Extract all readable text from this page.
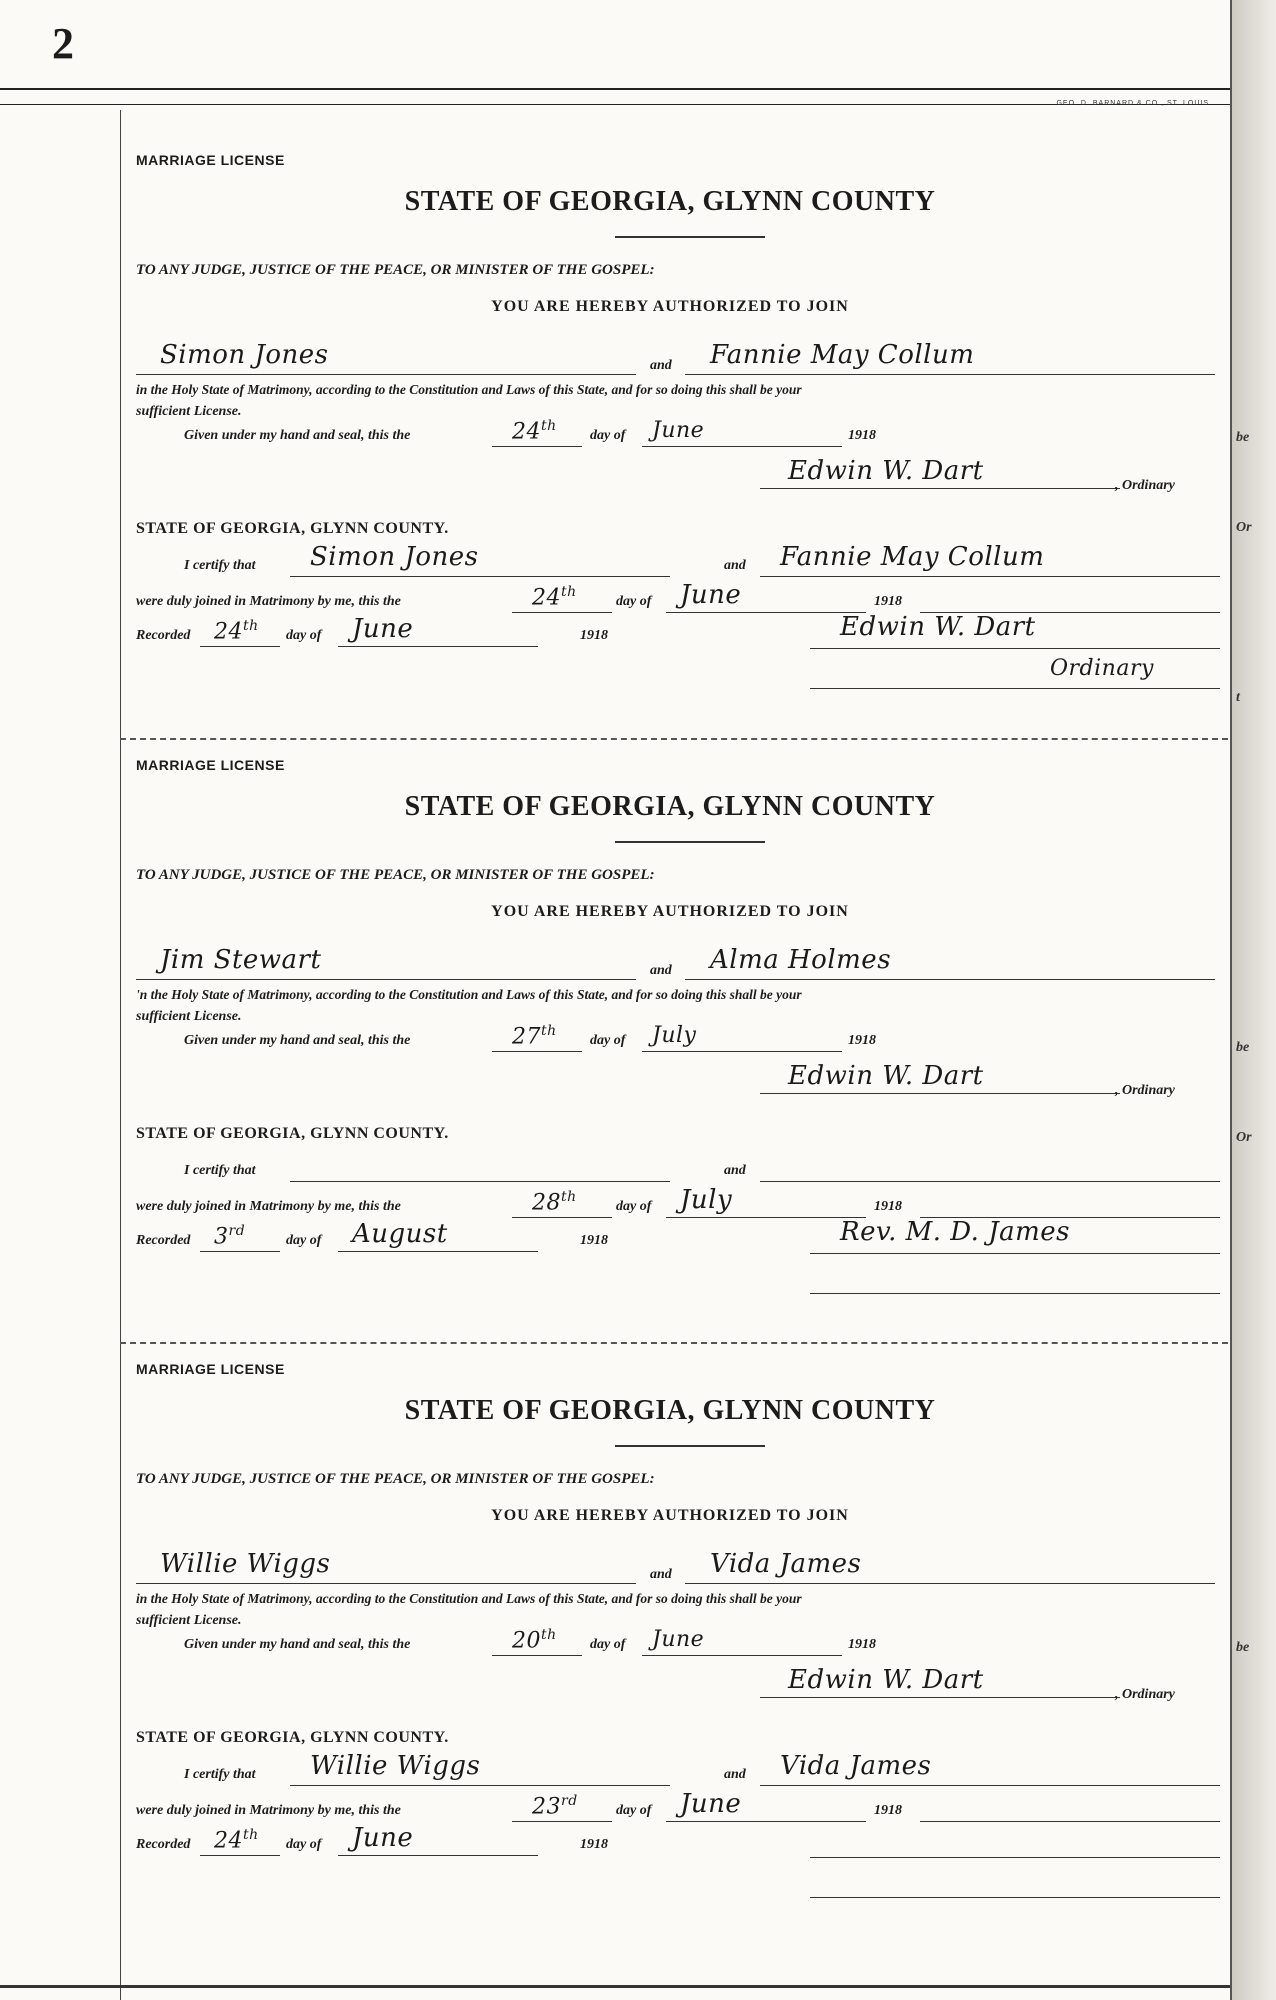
2
GEO. D. BARNARD & CO., ST. LOUIS.
MARRIAGE LICENSE
STATE OF GEORGIA, GLYNN COUNTY
TO ANY JUDGE, JUSTICE OF THE PEACE, OR MINISTER OF THE GOSPEL:
YOU ARE HEREBY AUTHORIZED TO JOIN
Simon Jones	and Fannie May Collum
in the Holy State of Matrimony, according to the Constitution and Laws of this State, and for so doing this shall be your
sufficient License.
Given under my hand and seal, this the	24th
day of June	1918
Edwin W. Dart	, Ordinary
STATE OF GEORGIA, GLYNN COUNTY.
I certify that Simon Jones	and Fannie May Collum
were duly joined in Matrimony by me, this the	24th
day of June	1918
Recorded 24th
day of June	1918	Edwin W. Dart
Ordinary
MARRIAGE LICENSE
STATE OF GEORGIA, GLYNN COUNTY
TO ANY JUDGE, JUSTICE OF THE PEACE, OR MINISTER OF THE GOSPEL:
YOU ARE HEREBY AUTHORIZED TO JOIN
Jim Stewart	and Alma Holmes
'n the Holy State of Matrimony, according to the Constitution and Laws of this State, and for so doing this shall be your
sufficient License.
Given under my hand and seal, this the	27th
day of July	1918
Edwin W. Dart	, Ordinary
STATE OF GEORGIA, GLYNN COUNTY.
I certify that	and
were duly joined in Matrimony by me, this the	28th
day of July	1918
Recorded 3rd
day of August	1918	Rev. M. D. James
MARRIAGE LICENSE
STATE OF GEORGIA, GLYNN COUNTY
TO ANY JUDGE, JUSTICE OF THE PEACE, OR MINISTER OF THE GOSPEL:
YOU ARE HEREBY AUTHORIZED TO JOIN
Willie Wiggs	and Vida James
in the Holy State of Matrimony, according to the Constitution and Laws of this State, and for so doing this shall be your
sufficient License.
Given under my hand and seal, this the	20th
day of June	1918
Edwin W. Dart	, Ordinary
STATE OF GEORGIA, GLYNN COUNTY.
I certify that Willie Wiggs	and Vida James
were duly joined in Matrimony by me, this the	23rd
day of June	1918
Recorded 24th
day of June	1918
be
Or
t
be
Or
be
